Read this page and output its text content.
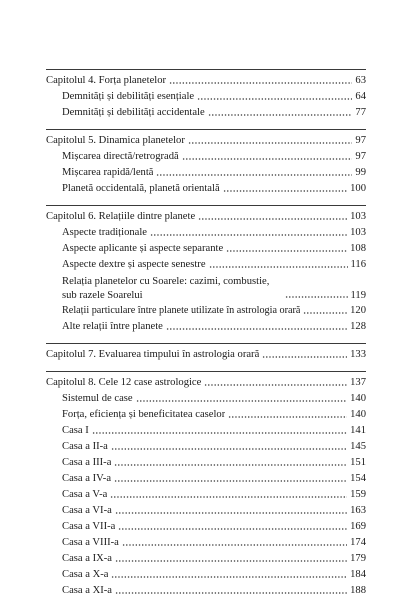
Capitolul 4. Forța planetelor	63
Demnități și debilități esențiale	64
Demnități și debilități accidentale	77
Capitolul 5. Dinamica planetelor	97
Mișcarea directă/retrogradă	97
Mișcarea rapidă/lentă	99
Planetă occidentală, planetă orientală	100
Capitolul 6. Relațiile dintre planete	103
Aspecte tradiționale	103
Aspecte aplicante și aspecte separante	108
Aspecte dextre și aspecte senestre	116
Relația planetelor cu Soarele: cazimi, combustie, sub razele Soarelui	119
Relații particulare între planete utilizate în astrologia orară	120
Alte relații între planete	128
Capitolul 7. Evaluarea timpului în astrologia orară	133
Capitolul 8. Cele 12 case astrologice	137
Sistemul de case	140
Forța, eficiența și beneficitatea caselor	140
Casa I	141
Casa a II-a	145
Casa a III-a	151
Casa a IV-a	154
Casa a V-a	159
Casa a VI-a	163
Casa a VII-a	169
Casa a VIII-a	174
Casa a IX-a	179
Casa a X-a	184
Casa a XI-a	188
